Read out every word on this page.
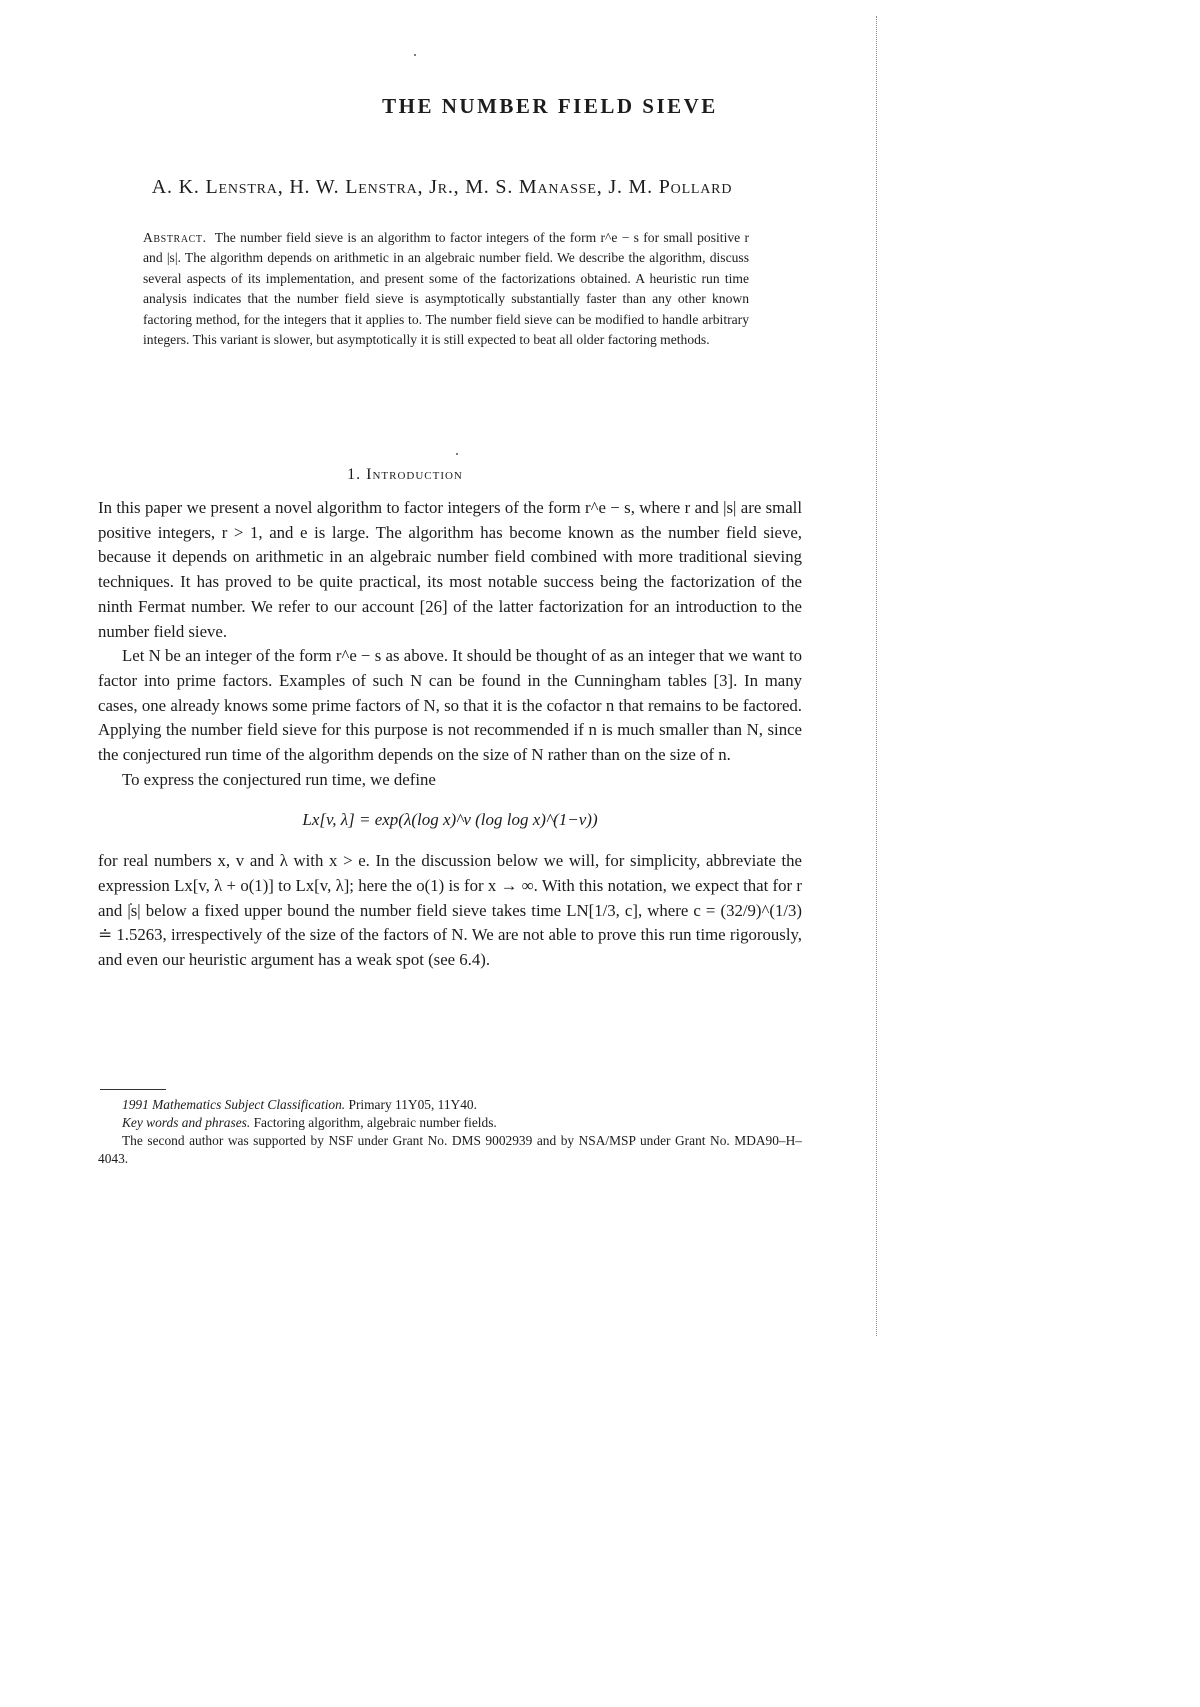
THE NUMBER FIELD SIEVE
A. K. Lenstra, H. W. Lenstra, Jr., M. S. Manasse, J. M. Pollard
Abstract. The number field sieve is an algorithm to factor integers of the form r^e − s for small positive r and |s|. The algorithm depends on arithmetic in an algebraic number field. We describe the algorithm, discuss several aspects of its implementation, and present some of the factorizations obtained. A heuristic run time analysis indicates that the number field sieve is asymptotically substantially faster than any other known factoring method, for the integers that it applies to. The number field sieve can be modified to handle arbitrary integers. This variant is slower, but asymptotically it is still expected to beat all older factoring methods.
1. Introduction

In this paper we present a novel algorithm to factor integers of the form r^e − s, where r and |s| are small positive integers, r > 1, and e is large. The algorithm has become known as the number field sieve, because it depends on arithmetic in an algebraic number field combined with more traditional sieving techniques. It has proved to be quite practical, its most notable success being the factorization of the ninth Fermat number. We refer to our account [26] of the latter factorization for an introduction to the number field sieve.

Let N be an integer of the form r^e − s as above. It should be thought of as an integer that we want to factor into prime factors. Examples of such N can be found in the Cunningham tables [3]. In many cases, one already knows some prime factors of N, so that it is the cofactor n that remains to be factored. Applying the number field sieve for this purpose is not recommended if n is much smaller than N, since the conjectured run time of the algorithm depends on the size of N rather than on the size of n.

To express the conjectured run time, we define

Lx[v, λ] = exp(λ(log x)^v (log log x)^(1−v))

for real numbers x, v and λ with x > e. In the discussion below we will, for simplicity, abbreviate the expression Lx[v, λ + o(1)] to Lx[v, λ]; here the o(1) is for x → ∞. With this notation, we expect that for r and |s| below a fixed upper bound the number field sieve takes time LN[1/3, c], where c = (32/9)^(1/3) ≐ 1.5263, irrespectively of the size of the factors of N. We are not able to prove this run time rigorously, and even our heuristic argument has a weak spot (see 6.4).

1991 Mathematics Subject Classification. Primary 11Y05, 11Y40.

Key words and phrases. Factoring algorithm, algebraic number fields.

The second author was supported by NSF under Grant No. DMS 9002939 and by NSA/MSP under Grant No. MDA90–H–4043.
